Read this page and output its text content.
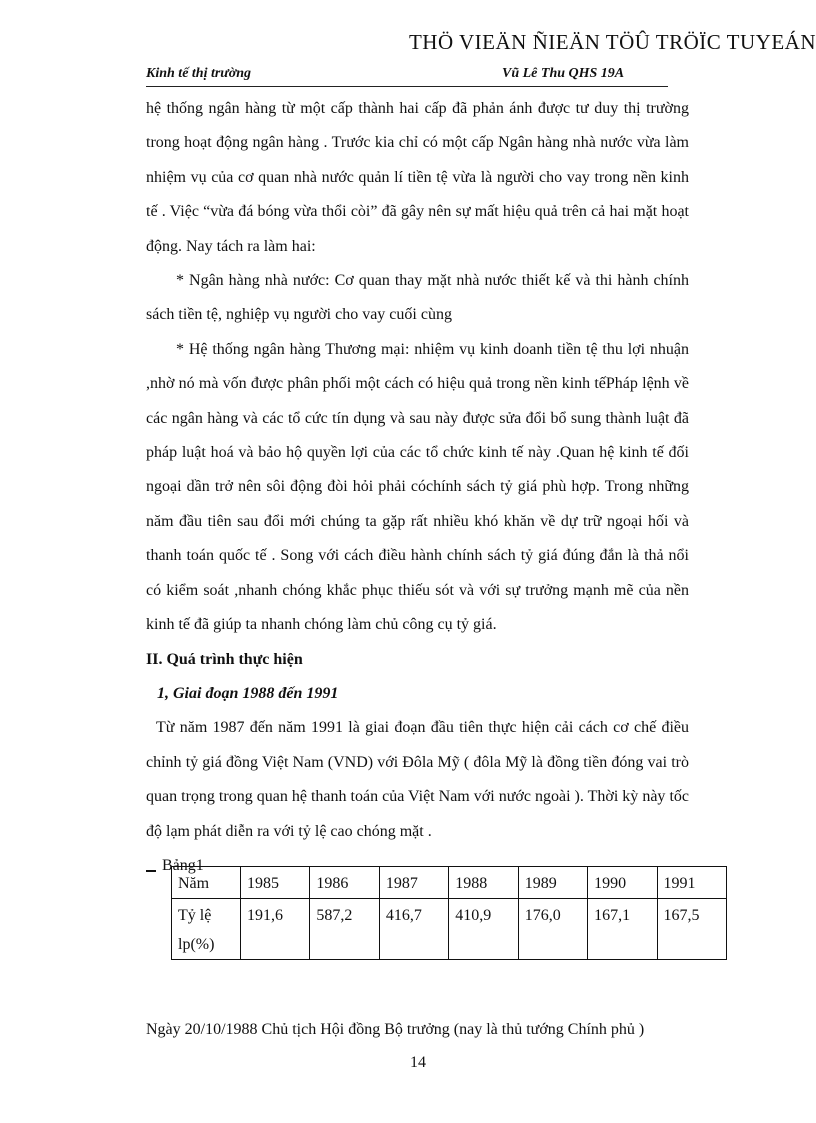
THÖ VIEÄN ÑIEÄN TÖÛ TRÖÏC TUYEÁN
Kinh tế thị trường	Vũ Lê Thu QHS 19A

hệ thống ngân hàng từ một cấp thành hai cấp đã phản ánh được tư duy thị trường trong hoạt động ngân hàng . Trước kia chỉ có một cấp Ngân hàng nhà nước vừa làm nhiệm vụ của cơ quan nhà nước quản lí tiền tệ vừa là người cho vay trong nền kinh tế . Việc “vừa đá bóng vừa thổi còi” đã gây nên sự mất hiệu quả trên cả hai mặt hoạt động. Nay tách ra làm hai:

* Ngân hàng nhà nước: Cơ quan thay mặt nhà nước thiết kế và thi hành chính sách tiền tệ, nghiệp vụ người cho vay cuối cùng

* Hệ thống ngân hàng Thương mại: nhiệm vụ kinh doanh tiền tệ thu lợi nhuận ,nhờ nó mà vốn được phân phối một cách có hiệu quả trong nền kinh tếPháp lệnh về các ngân hàng và các tổ cức tín dụng và sau này được sửa đổi bổ sung thành luật đã pháp luật hoá và bảo hộ quyền lợi của các tổ chức kinh tế này .Quan hệ kinh tế đối ngoại dần trở nên sôi động đòi hỏi phải cóchính sách tỷ giá phù hợp. Trong những năm đầu tiên sau đổi mới chúng ta gặp rất nhiều khó khăn về dự trữ ngoại hối và thanh toán quốc tế . Song với cách điều hành chính sách tỷ giá đúng đắn là thả nổi có kiểm soát ,nhanh chóng khắc phục thiếu sót và với sự trưởng mạnh mẽ của nền kinh tế đã giúp ta nhanh chóng làm chủ công cụ tỷ giá.

II. Quá trình thực hiện

1, Giai đoạn 1988 đến 1991

Từ năm 1987 đến năm 1991 là giai đoạn đầu tiên thực hiện cải cách cơ chế điều chỉnh tỷ giá đồng Việt Nam (VND) với Đôla Mỹ ( đôla Mỹ là đồng tiền đóng vai trò quan trọng trong quan hệ thanh toán của Việt Nam với nước ngoài ). Thời kỳ này tốc độ lạm phát diễn ra với tỷ lệ cao chóng mặt .

Bảng1

Năm	1985	1986	1987	1988	1989	1990	1991
Tỷ lệ lp(%)	191,6	587,2	416,7	410,9	176,0	167,1	167,5
Ngày 20/10/1988 Chủ tịch Hội đồng Bộ trưởng (nay là thủ tướng Chính phủ )
14
